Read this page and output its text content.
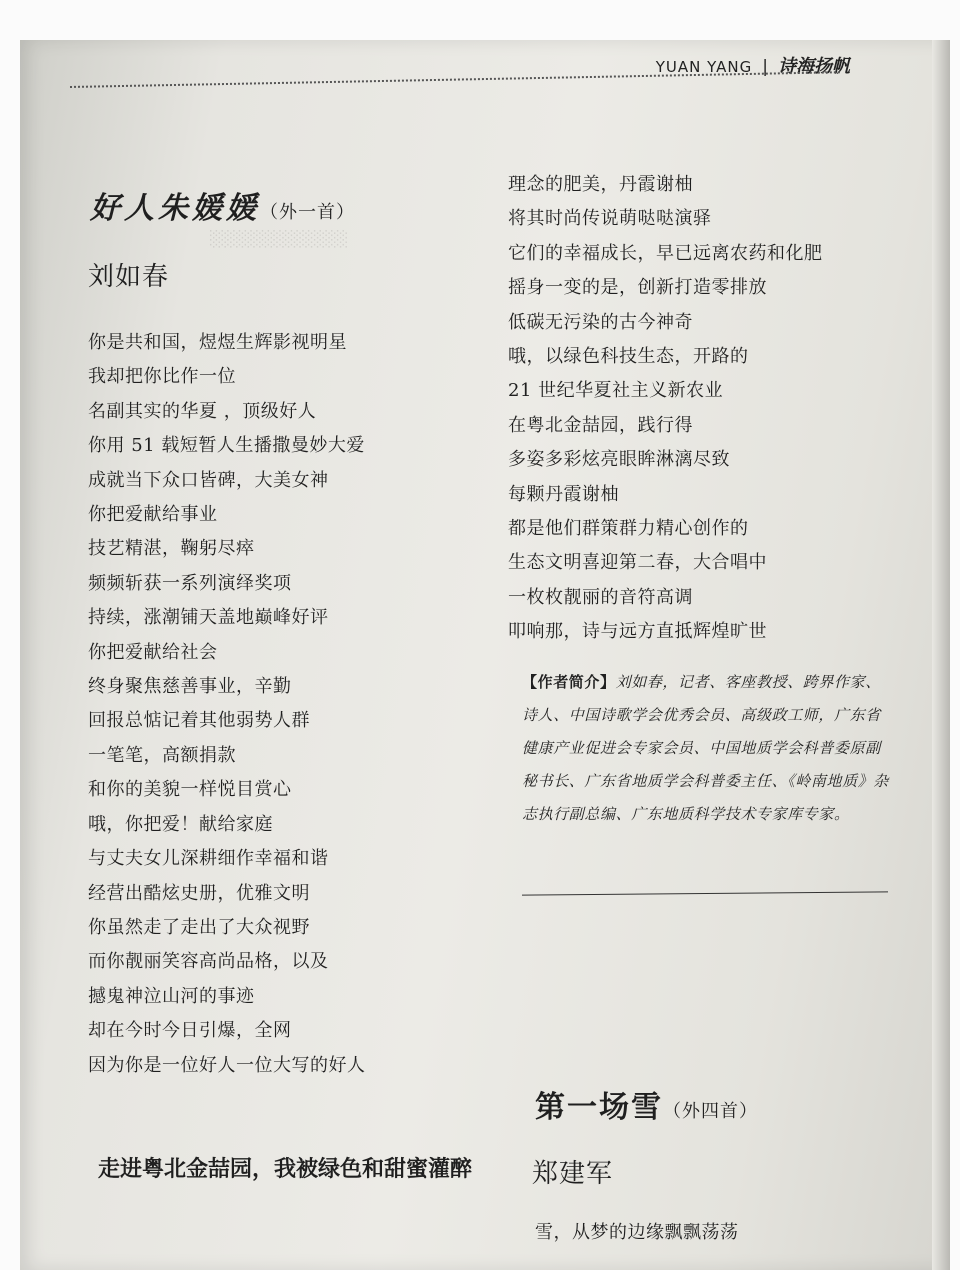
░░░░░░░░░░░░
YUAN YANG | 诗海扬帆
好人朱媛媛（外一首）

刘如春

你是共和国，煜煜生辉影视明星
我却把你比作一位
名副其实的华夏 ，顶级好人
你用 51 载短暂人生播撒曼妙大爱
成就当下众口皆碑，大美女神
你把爱献给事业
技艺精湛，鞠躬尽瘁
频频斩获一系列演绎奖项
持续，涨潮铺天盖地巅峰好评
你把爱献给社会
终身聚焦慈善事业，辛勤
回报总惦记着其他弱势人群
一笔笔，高额捐款
和你的美貌一样悦目赏心
哦，你把爱！献给家庭
与丈夫女儿深耕细作幸福和谐
经营出酷炫史册，优雅文明
你虽然走了走出了大众视野
而你靓丽笑容高尚品格，以及
撼鬼神泣山河的事迹
却在今时今日引爆，全网
因为你是一位好人一位大写的好人
走进粤北金喆园，我被绿色和甜蜜灌醉
理念的肥美，丹霞谢柚
将其时尚传说萌哒哒演驿
它们的幸福成长，早已远离农药和化肥
摇身一变的是，创新打造零排放
低碳无污染的古今神奇
哦，以绿色科技生态，开路的
21 世纪华夏社主义新农业
在粤北金喆园，践行得
多姿多彩炫亮眼眸淋漓尽致
每颗丹霞谢柚
都是他们群策群力精心创作的
生态文明喜迎第二春，大合唱中
一枚枚靓丽的音符高调
叩响那，诗与远方直抵辉煌旷世

【作者简介】刘如春，记者、客座教授、跨界作家、诗人、中国诗歌学会优秀会员、高级政工师，广东省健康产业促进会专家会员、中国地质学会科普委原副秘书长、广东省地质学会科普委主任、《岭南地质》杂志执行副总编、广东地质科学技术专家库专家。

第一场雪（外四首）

郑建军

雪，从梦的边缘飘飘荡荡
